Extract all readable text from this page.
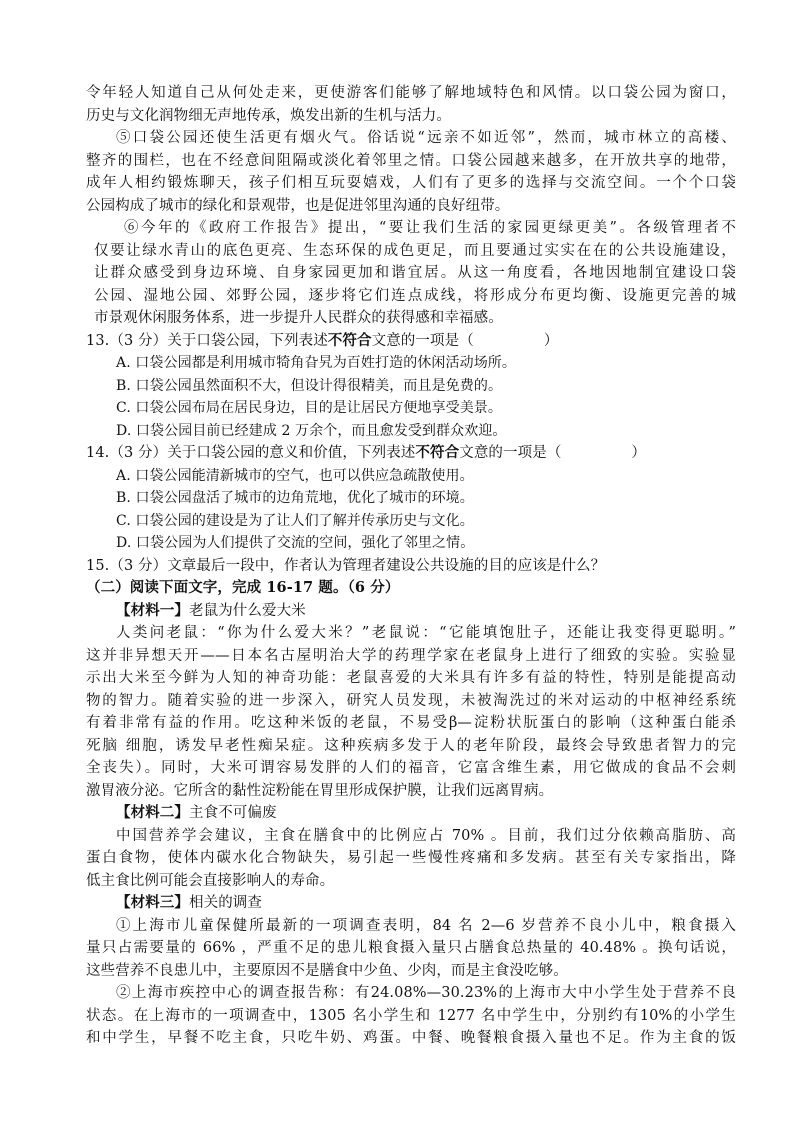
令年轻人知道自己从何处走来，更使游客们能够了解地域特色和风情。以口袋公园为窗口，
历史与文化润物细无声地传承，焕发出新的生机与活力。
⑤口袋公园还使生活更有烟火气。俗话说“远亲不如近邻”，然而，城市林立的高楼、
整齐的围栏，也在不经意间阻隔或淡化着邻里之情。口袋公园越来越多，在开放共享的地带，
成年人相约锻炼聊天，孩子们相互玩耍嬉戏，人们有了更多的选择与交流空间。一个个口袋
公园构成了城市的绿化和景观带，也是促进邻里沟通的良好纽带。
⑥今年的《政府工作报告》提出，“要让我们生活的家园更绿更美”。各级管理者不
仅要让绿水青山的底色更亮、生态环保的成色更足，而且要通过实实在在的公共设施建设，
让群众感受到身边环境、自身家园更加和谐宜居。从这一角度看，各地因地制宜建设口袋
公园、湿地公园、郊野公园，逐步将它们连点成线，将形成分布更均衡、设施更完善的城
市景观休闲服务体系，进一步提升人民群众的获得感和幸福感。
13.（3 分）关于口袋公园，下列表述不符合文意的一项是（	）
A. 口袋公园都是利用城市犄角旮旯为百姓打造的休闲活动场所。
B. 口袋公园虽然面积不大，但设计得很精美，而且是免费的。
C. 口袋公园布局在居民身边，目的是让居民方便地享受美景。
D. 口袋公园目前已经建成 2 万余个，而且愈发受到群众欢迎。
14.（3 分）关于口袋公园的意义和价值，下列表述不符合文意的一项是（	）
A. 口袋公园能清新城市的空气，也可以供应急疏散使用。
B. 口袋公园盘活了城市的边角荒地，优化了城市的环境。
C. 口袋公园的建设是为了让人们了解并传承历史与文化。
D. 口袋公园为人们提供了交流的空间，强化了邻里之情。
15.（3 分）文章最后一段中，作者认为管理者建设公共设施的目的应该是什么？
（二）阅读下面文字，完成 16-17 题。（6 分）
【材料一】老鼠为什么爱大米
人类问老鼠：“你为什么爱大米？”老鼠说：“它能填饱肚子，还能让我变得更聪明。”
这并非异想天开——日本名古屋明治大学的药理学家在老鼠身上进行了细致的实验。实验显
示出大米至今鲜为人知的神奇功能：老鼠喜爱的大米具有许多有益的特性，特别是能提高动
物的智力。随着实验的进一步深入，研究人员发现，未被淘洗过的米对运动的中枢神经系统
有着非常有益的作用。吃这种米饭的老鼠，不易受β—淀粉状朊蛋白的影响（这种蛋白能杀
死脑 细胞，诱发早老性痴呆症。这种疾病多发于人的老年阶段，最终会导致患者智力的完
全丧失）。同时，大米可谓容易发胖的人们的福音，它富含维生素，用它做成的食品不会刺
激胃液分泌。它所含的黏性淀粉能在胃里形成保护膜，让我们远离胃病。
【材料二】主食不可偏废
中国营养学会建议，主食在膳食中的比例应占 70% 。目前，我们过分依赖高脂肪、高
蛋白食物，使体内碳水化合物缺失，易引起一些慢性疼痛和多发病。甚至有关专家指出，降
低主食比例可能会直接影响人的寿命。
【材料三】相关的调查
①上海市儿童保健所最新的一项调查表明，84 名 2—6 岁营养不良小儿中，粮食摄入
量只占需要量的 66% ，严重不足的患儿粮食摄入量只占膳食总热量的 40.48% 。换句话说，
这些营养不良患儿中，主要原因不是膳食中少鱼、少肉，而是主食没吃够。
②上海市疾控中心的调查报告称：有24.08%—30.23%的上海市大中小学生处于营养不良
状态。在上海市的一项调查中，1305 名小学生和 1277 名中学生中，分别约有10%的小学生
和中学生，早餐不吃主食，只吃牛奶、鸡蛋。中餐、晚餐粮食摄入量也不足。作为主食的饭
